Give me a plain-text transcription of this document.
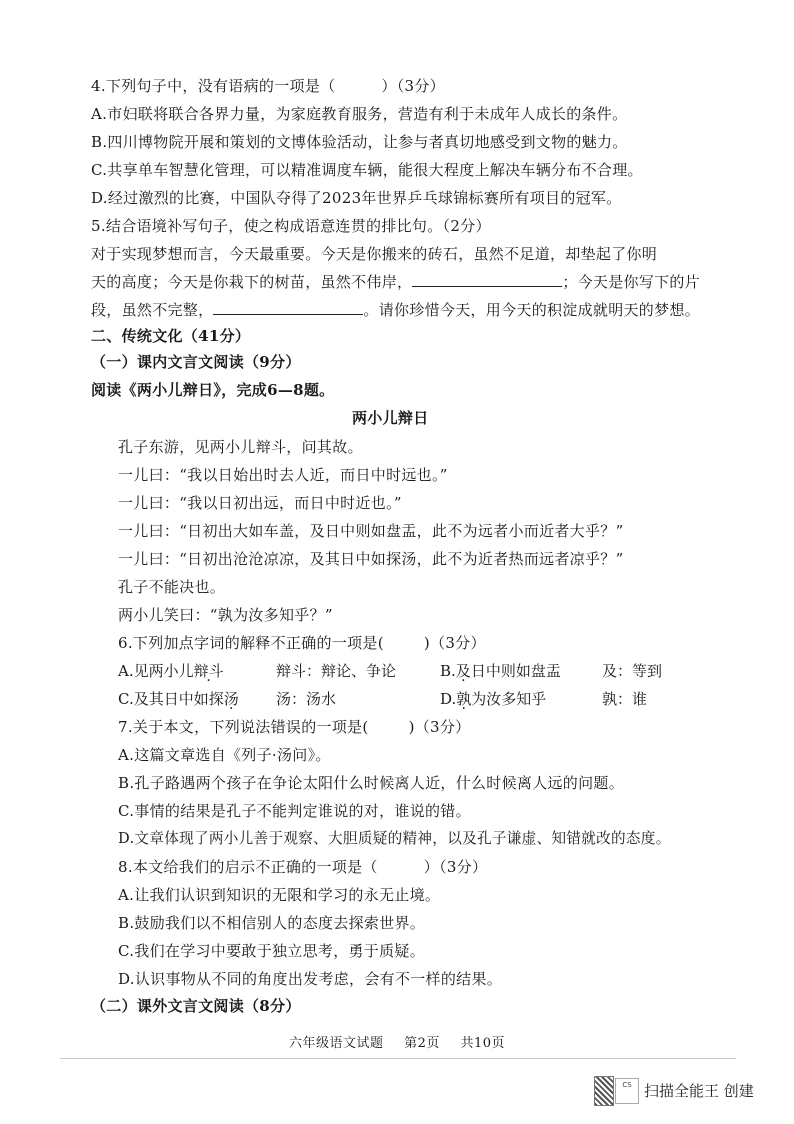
4.下列句子中，没有语病的一项是（	）（3分）
A.市妇联将联合各界力量，为家庭教育服务，营造有利于未成年人成长的条件。
B.四川博物院开展和策划的文博体验活动，让参与者真切地感受到文物的魅力。
C.共享单车智慧化管理，可以精准调度车辆，能很大程度上解决车辆分布不合理。
D.经过激烈的比赛，中国队夺得了2023年世界乒乓球锦标赛所有项目的冠军。
5.结合语境补写句子，使之构成语意连贯的排比句。（2分）
对于实现梦想而言，今天最重要。今天是你搬来的砖石，虽然不足道，却垫起了你明
天的高度；今天是你栽下的树苗，虽然不伟岸，	；今天是你写下的片
段，虽然不完整，	。请你珍惜今天，用今天的积淀成就明天的梦想。
二、传统文化（41分）
（一）课内文言文阅读（9分）
阅读《两小儿辩日》，完成6—8题。
两小儿辩日
孔子东游，见两小儿辩斗，问其故。
一儿曰：“我以日始出时去人近，而日中时远也。”
一儿曰：“我以日初出远，而日中时近也。”
一儿曰：“日初出大如车盖，及日中则如盘盂，此不为远者小而近者大乎？”
一儿曰：“日初出沧沧凉凉，及其日中如探汤，此不为近者热而远者凉乎？”
孔子不能决也。
两小儿笑曰：“孰为汝多知乎？”
6.下列加点字词的解释不正确的一项是(	)（3分）
A.见两小儿辩斗	辩斗：辩论、争论	B.及日中则如盘盂	及：等到
C.及其日中如探汤 汤：汤水	D.孰为汝多知乎	孰：谁
7.关于本文，下列说法错误的一项是(	)（3分）
A.这篇文章选自《列子·汤问》。
B.孔子路遇两个孩子在争论太阳什么时候离人近，什么时候离人远的问题。
C.事情的结果是孔子不能判定谁说的对，谁说的错。
D.文章体现了两小儿善于观察、大胆质疑的精神，以及孔子谦虚、知错就改的态度。
8.本文给我们的启示不正确的一项是（	）（3分）
A.让我们认识到知识的无限和学习的永无止境。
B.鼓励我们以不相信别人的态度去探索世界。
C.我们在学习中要敢于独立思考，勇于质疑。
D.认识事物从不同的角度出发考虑，会有不一样的结果。
（二）课外文言文阅读（8分）
六年级语文试题 第2页 共10页
CS 扫描全能王 创建
